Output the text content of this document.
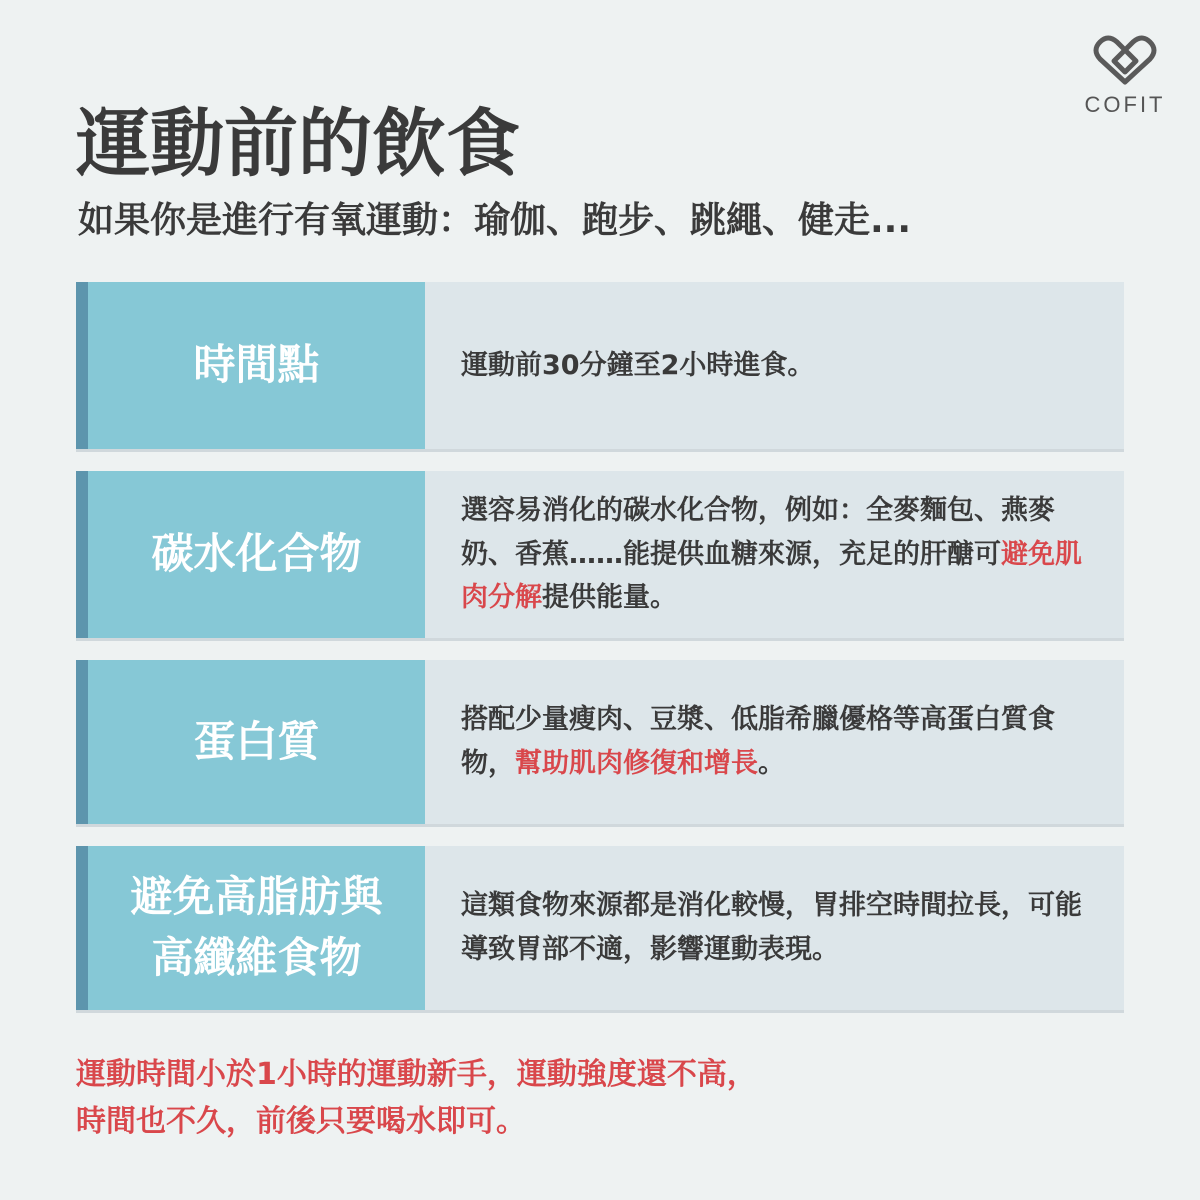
COFIT
運動前的飲食
如果你是進行有氧運動：瑜伽、跑步、跳繩、健走...
時間點	運動前30分鐘至2小時進食。

碳水化合物

選容易消化的碳水化合物，例如：全麥麵包、燕麥奶、香蕉……能提供血糖來源，充足的肝醣可避免肌肉分解提供能量。

蛋白質	搭配少量瘦肉、豆漿、低脂希臘優格等高蛋白質食物，幫助肌肉修復和增長。

避免高脂肪與
高纖維食物

這類食物來源都是消化較慢，胃排空時間拉長，可能導致胃部不適，影響運動表現。

運動時間小於1小時的運動新手，運動強度還不高，
時間也不久，前後只要喝水即可。
